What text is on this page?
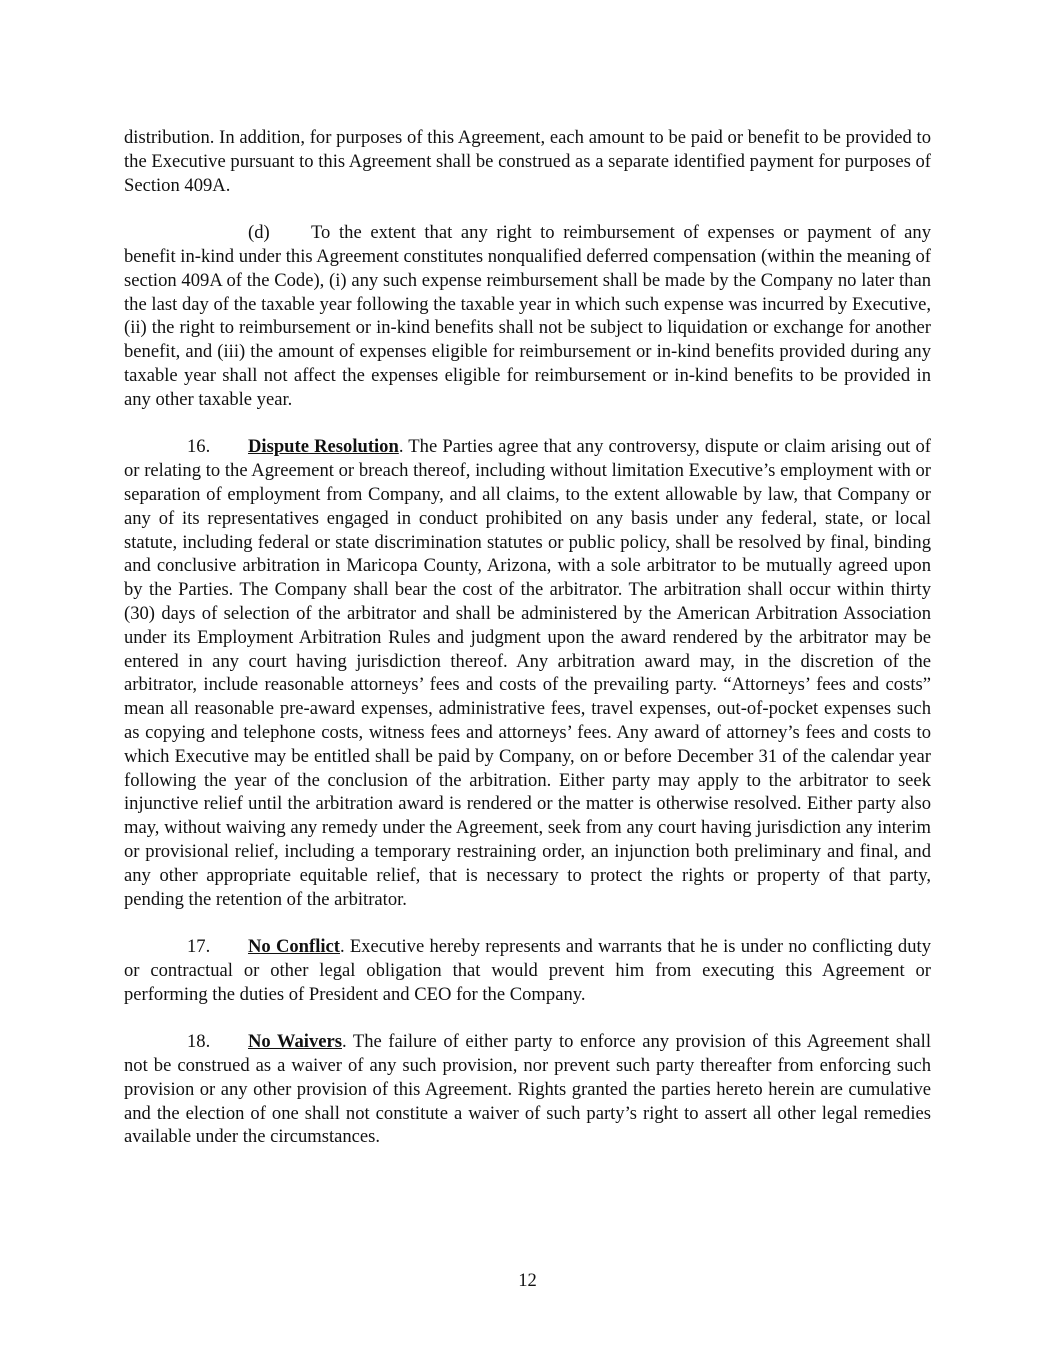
distribution. In addition, for purposes of this Agreement, each amount to be paid or benefit to be provided to the Executive pursuant to this Agreement shall be construed as a separate identified payment for purposes of Section 409A.

(d) To the extent that any right to reimbursement of expenses or payment of any benefit in-kind under this Agreement constitutes nonqualified deferred compensation (within the meaning of section 409A of the Code), (i) any such expense reimbursement shall be made by the Company no later than the last day of the taxable year following the taxable year in which such expense was incurred by Executive, (ii) the right to reimbursement or in-kind benefits shall not be subject to liquidation or exchange for another benefit, and (iii) the amount of expenses eligible for reimbursement or in-kind benefits provided during any taxable year shall not affect the expenses eligible for reimbursement or in-kind benefits to be provided in any other taxable year.

16. Dispute Resolution. The Parties agree that any controversy, dispute or claim arising out of or relating to the Agreement or breach thereof, including without limitation Executive’s employment with or separation of employment from Company, and all claims, to the extent allowable by law, that Company or any of its representatives engaged in conduct prohibited on any basis under any federal, state, or local statute, including federal or state discrimination statutes or public policy, shall be resolved by final, binding and conclusive arbitration in Maricopa County, Arizona, with a sole arbitrator to be mutually agreed upon by the Parties. The Company shall bear the cost of the arbitrator. The arbitration shall occur within thirty (30) days of selection of the arbitrator and shall be administered by the American Arbitration Association under its Employment Arbitration Rules and judgment upon the award rendered by the arbitrator may be entered in any court having jurisdiction thereof. Any arbitration award may, in the discretion of the arbitrator, include reasonable attorneys’ fees and costs of the prevailing party. “Attorneys’ fees and costs” mean all reasonable pre-award expenses, administrative fees, travel expenses, out-of-pocket expenses such as copying and telephone costs, witness fees and attorneys’ fees. Any award of attorney’s fees and costs to which Executive may be entitled shall be paid by Company, on or before December 31 of the calendar year following the year of the conclusion of the arbitration. Either party may apply to the arbitrator to seek injunctive relief until the arbitration award is rendered or the matter is otherwise resolved. Either party also may, without waiving any remedy under the Agreement, seek from any court having jurisdiction any interim or provisional relief, including a temporary restraining order, an injunction both preliminary and final, and any other appropriate equitable relief, that is necessary to protect the rights or property of that party, pending the retention of the arbitrator.

17. No Conflict. Executive hereby represents and warrants that he is under no conflicting duty or contractual or other legal obligation that would prevent him from executing this Agreement or performing the duties of President and CEO for the Company.

18. No Waivers. The failure of either party to enforce any provision of this Agreement shall not be construed as a waiver of any such provision, nor prevent such party thereafter from enforcing such provision or any other provision of this Agreement. Rights granted the parties hereto herein are cumulative and the election of one shall not constitute a waiver of such party’s right to assert all other legal remedies available under the circumstances.

12
